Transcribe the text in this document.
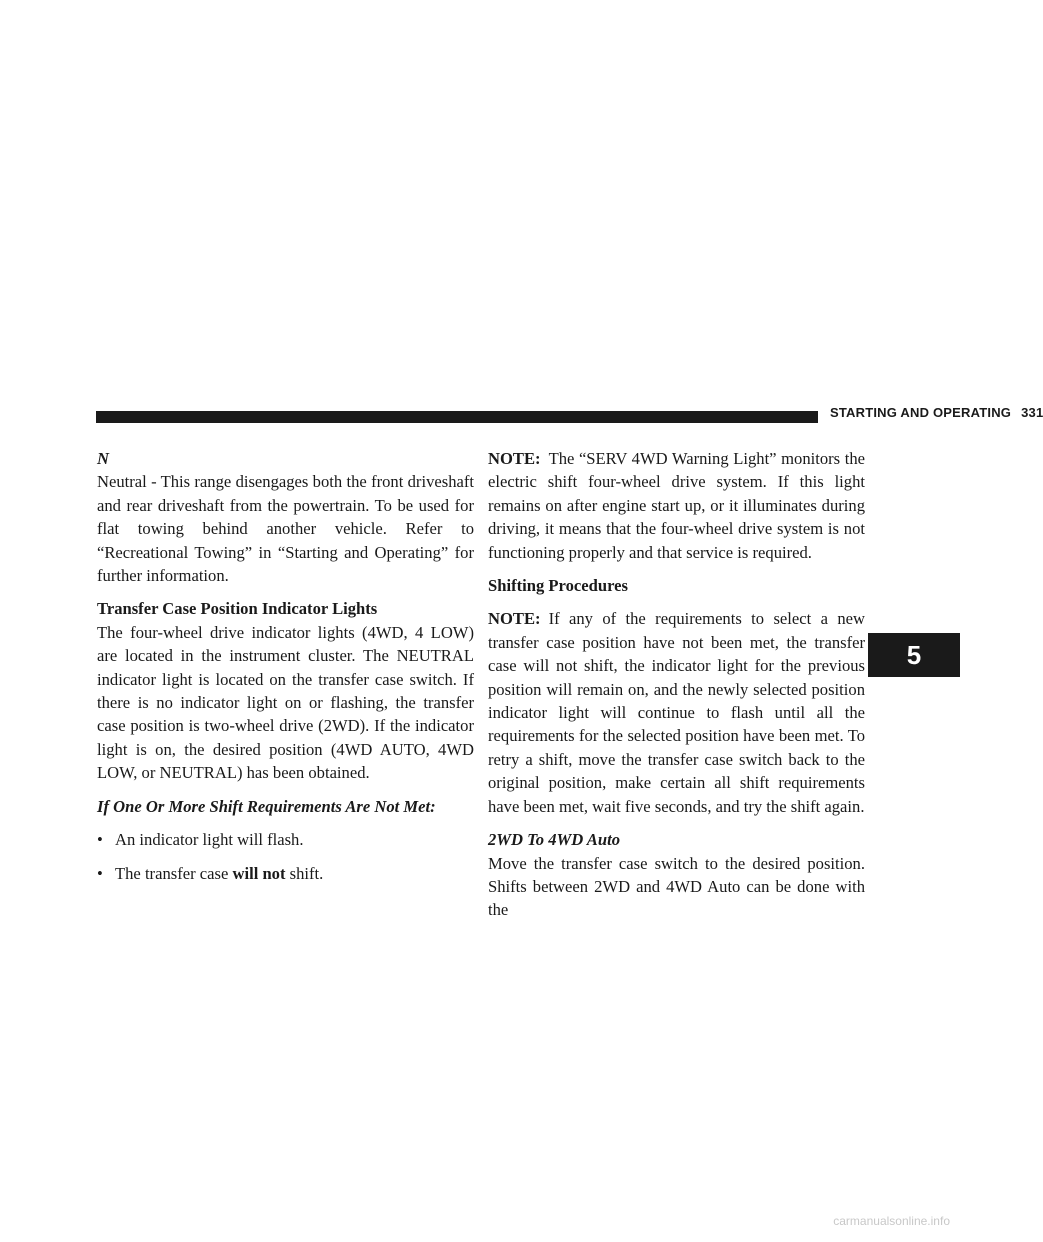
STARTING AND OPERATING 331
N

Neutral - This range disengages both the front driveshaft and rear driveshaft from the powertrain. To be used for flat towing behind another vehicle. Refer to “Recreational Towing” in “Starting and Operating” for further information.

Transfer Case Position Indicator Lights

The four-wheel drive indicator lights (4WD, 4 LOW) are located in the instrument cluster. The NEUTRAL indicator light is located on the transfer case switch. If there is no indicator light on or flashing, the transfer case position is two-wheel drive (2WD). If the indicator light is on, the desired position (4WD AUTO, 4WD LOW, or NEUTRAL) has been obtained.

If One Or More Shift Requirements Are Not Met:

• An indicator light will flash.
• The transfer case will not shift.

NOTE: The “SERV 4WD Warning Light” monitors the electric shift four-wheel drive system. If this light remains on after engine start up, or it illuminates during driving, it means that the four-wheel drive system is not functioning properly and that service is required.

Shifting Procedures

NOTE: If any of the requirements to select a new transfer case position have not been met, the transfer case will not shift, the indicator light for the previous position will remain on, and the newly selected position indicator light will continue to flash until all the requirements for the selected position have been met. To retry a shift, move the transfer case switch back to the original position, make certain all shift requirements have been met, wait five seconds, and try the shift again.

2WD To 4WD Auto

Move the transfer case switch to the desired position. Shifts between 2WD and 4WD Auto can be done with the

5
carmanualsonline.info
